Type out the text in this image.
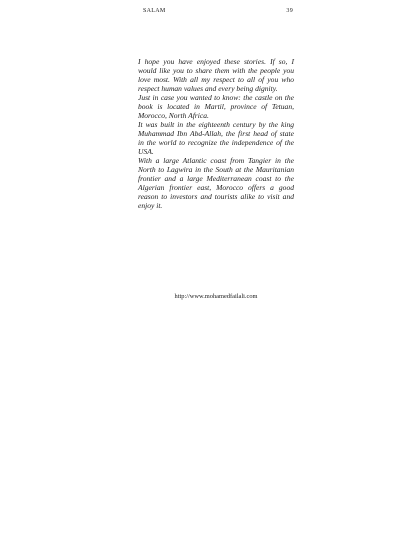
SALAM	39

I hope you have enjoyed these stories. If so, I would like you to share them with the people you love most. With all my respect to all of you who respect human values and every being dignity.

Just in case you wanted to know: the castle on the book is located in Martil, province of Tetuan, Morocco, North Africa.

It was built in the eighteenth century by the king Muhammad Ibn Abd-Allah, the first head of state in the world to recognize the independence of the USA.

With a large Atlantic coast from Tangier in the North to Lagwira in the South at the Mauritanian frontier and a large Mediterranean coast to the Algerian frontier east, Morocco offers a good reason to investors and tourists alike to visit and enjoy it.

http://www.mohamedfailali.com
